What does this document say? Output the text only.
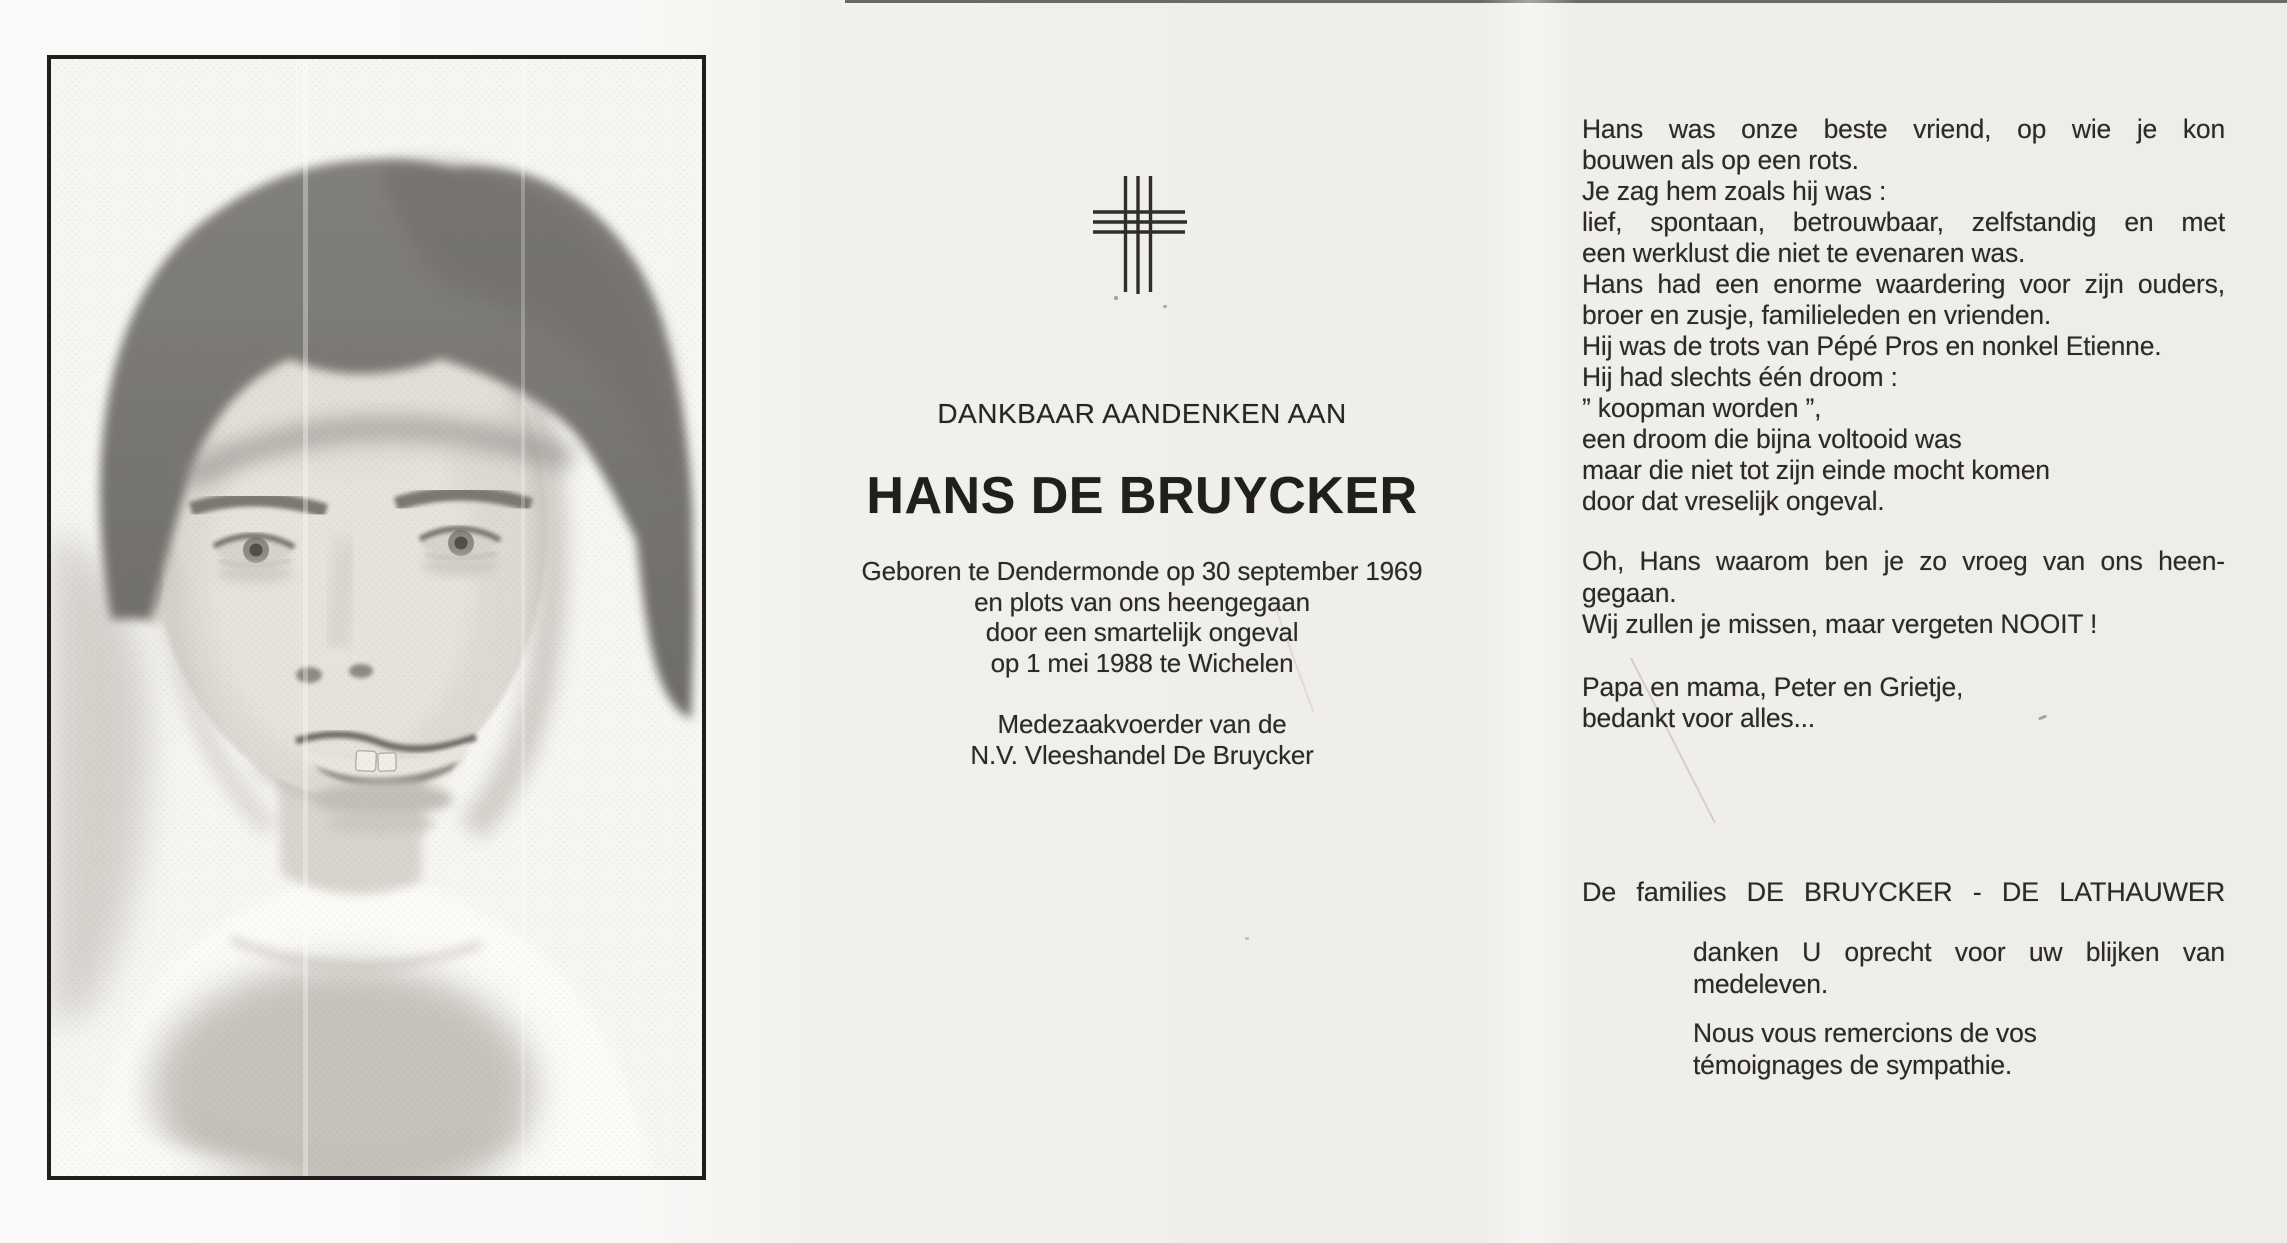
DANKBAAR AANDENKEN AAN
HANS DE BRUYCKER
Geboren te Dendermonde op 30 september 1969
en plots van ons heengegaan
door een smartelijk ongeval
op 1 mei 1988 te Wichelen
Medezaakvoerder van de
N.V. Vleeshandel De Bruycker
Hans was onze beste vriend, op wie je kon
bouwen als op een rots.
Je zag hem zoals hij was :
lief, spontaan, betrouwbaar, zelfstandig en met
een werklust die niet te evenaren was.
Hans had een enorme waardering voor zijn ouders,
broer en zusje, familieleden en vrienden.
Hij was de trots van Pépé Pros en nonkel Etienne.
Hij had slechts één droom :
” koopman worden ”,
een droom die bijna voltooid was
maar die niet tot zijn einde mocht komen
door dat vreselijk ongeval.
Oh, Hans waarom ben je zo vroeg van ons heen-
gegaan.
Wij zullen je missen, maar vergeten NOOIT !
Papa en mama, Peter en Grietje,
bedankt voor alles...
De families DE BRUYCKER - DE LATHAUWER
danken U oprecht voor uw blijken van
medeleven.
Nous vous remercions de vos
témoignages de sympathie.
